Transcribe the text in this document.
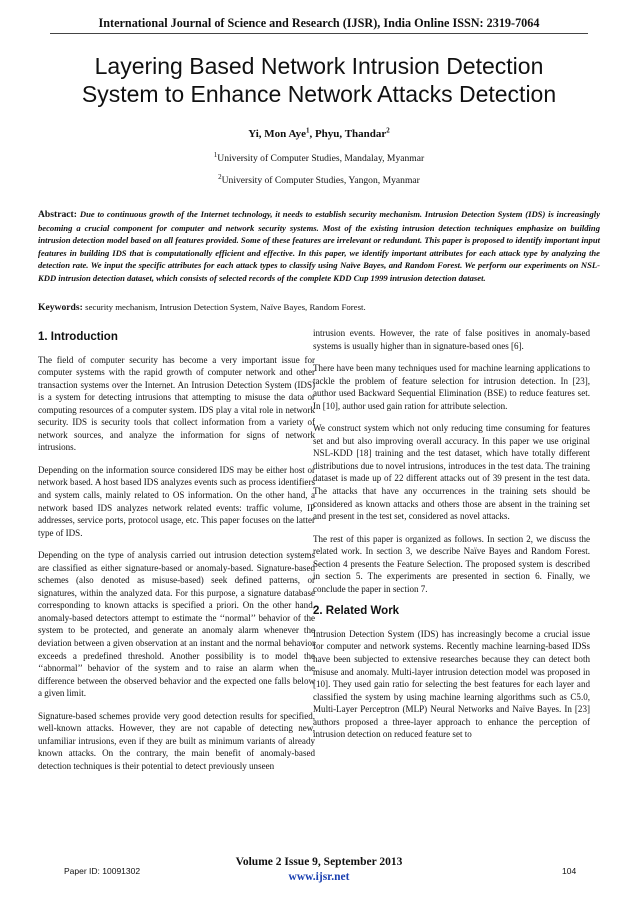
International Journal of Science and Research (IJSR), India Online ISSN: 2319-7064
Layering Based Network Intrusion Detection
System to Enhance Network Attacks Detection
Yi, Mon Aye$^1$, Phyu, Thandar$^2$
$^1$University of Computer Studies, Mandalay, Myanmar
$^2$University of Computer Studies, Yangon, Myanmar
Abstract: Due to continuous growth of the Internet technology, it needs to establish security mechanism. Intrusion Detection System (IDS) is increasingly becoming a crucial component for computer and network security systems. Most of the existing intrusion detection techniques emphasize on building intrusion detection model based on all features provided. Some of these features are irrelevant or redundant. This paper is proposed to identify important input features in building IDS that is computationally efficient and effective. In this paper, we identify important attributes for each attack type by analyzing the detection rate. We input the specific attributes for each attack types to classify using Naïve Bayes, and Random Forest. We perform our experiments on NSL-KDD intrusion detection dataset, which consists of selected records of the complete KDD Cup 1999 intrusion detection dataset.
Keywords: security mechanism, Intrusion Detection System, Naïve Bayes, Random Forest.
1. Introduction

The field of computer security has become a very important issue for computer systems with the rapid growth of computer network and other transaction systems over the Internet. An Intrusion Detection System (IDS) is a system for detecting intrusions that attempting to misuse the data or computing resources of a computer system. IDS play a vital role in network security. IDS is security tools that collect information from a variety of network sources, and analyze the information for signs of network intrusions.

Depending on the information source considered IDS may be either host or network based. A host based IDS analyzes events such as process identifiers and system calls, mainly related to OS information. On the other hand, a network based IDS analyzes network related events: traffic volume, IP addresses, service ports, protocol usage, etc. This paper focuses on the latter type of IDS.

Depending on the type of analysis carried out intrusion detection systems are classified as either signature-based or anomaly-based. Signature-based schemes (also denoted as misuse-based) seek defined patterns, or signatures, within the analyzed data. For this purpose, a signature database corresponding to known attacks is specified a priori. On the other hand, anomaly-based detectors attempt to estimate the ‘‘normal’’ behavior of the system to be protected, and generate an anomaly alarm whenever the deviation between a given observation at an instant and the normal behavior exceeds a predefined threshold. Another possibility is to model the ‘‘abnormal’’ behavior of the system and to raise an alarm when the difference between the observed behavior and the expected one falls below a given limit.

Signature-based schemes provide very good detection results for specified, well-known attacks. However, they are not capable of detecting new, unfamiliar intrusions, even if they are built as minimum variants of already known attacks. On the contrary, the main benefit of anomaly-based detection techniques is their potential to detect previously unseen

intrusion events. However, the rate of false positives in anomaly-based systems is usually higher than in signature-based ones [6].

There have been many techniques used for machine learning applications to tackle the problem of feature selection for intrusion detection. In [23], author used Backward Sequential Elimination (BSE) to reduce features set. In [10], author used gain ration for attribute selection.

We construct system which not only reducing time consuming for features set and but also improving overall accuracy. In this paper we use original NSL-KDD [18] training and the test dataset, which have totally different distributions due to novel intrusions, introduces in the test data. The training dataset is made up of 22 different attacks out of 39 present in the test data. The attacks that have any occurrences in the training sets should be considered as known attacks and others those are absent in the training set and present in the test set, considered as novel attacks.

The rest of this paper is organized as follows. In section 2, we discuss the related work. In section 3, we describe Naïve Bayes and Random Forest. Section 4 presents the Feature Selection. The proposed system is described in section 5. The experiments are presented in section 6. Finally, we conclude the paper in section 7.

2. Related Work

Intrusion Detection System (IDS) has increasingly become a crucial issue for computer and network systems. Recently machine learning-based IDSs have been subjected to extensive researches because they can detect both misuse and anomaly. Multi-layer intrusion detection model was proposed in [10]. They used gain ratio for selecting the best features for each layer and classified the system by using machine learning algorithms such as C5.0, Multi-Layer Perceptron (MLP) Neural Networks and Naïve Bayes. In [23] authors proposed a three-layer approach to enhance the perception of intrusion detection on reduced feature set to

Volume 2 Issue 9, September 2013
Paper ID: 10091302	104
www.ijsr.net
